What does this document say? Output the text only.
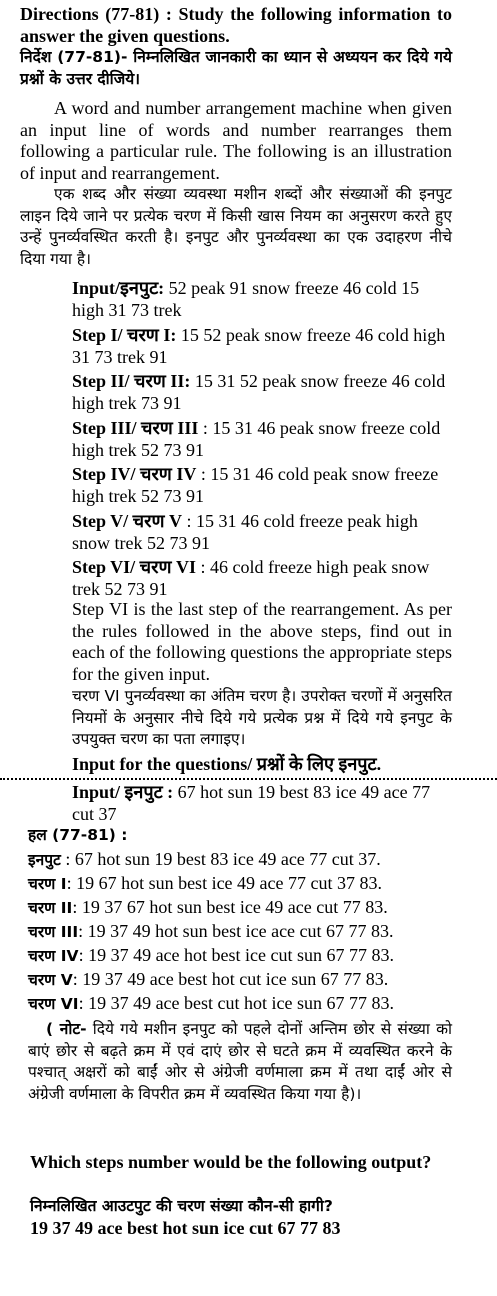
Directions (77-81) : Study the following information to answer the given questions.
निर्देश (77-81)- निम्नलिखित जानकारी का ध्यान से अध्ययन कर दिये गये प्रश्नों के उत्तर दीजिये।
A word and number arrangement machine when given an input line of words and number rearranges them following a particular rule. The following is an illustration of input and rearrangement.
एक शब्द और संख्या व्यवस्था मशीन शब्दों और संख्याओं की इनपुट लाइन दिये जाने पर प्रत्येक चरण में किसी खास नियम का अनुसरण करते हुए उन्हें पुनर्व्यवस्थित करती है। इनपुट और पुनर्व्यवस्था का एक उदाहरण नीचे दिया गया है।
Input/इनपुट: 52 peak 91 snow freeze 46 cold 15 high 31 73 trek
Step I/ चरण I: 15 52 peak snow freeze 46 cold high 31 73 trek 91
Step II/ चरण II: 15 31 52 peak snow freeze 46 cold high trek 73 91
Step III/ चरण III : 15 31 46 peak snow freeze cold high trek 52 73 91
Step IV/ चरण IV : 15 31 46 cold peak snow freeze high trek 52 73 91
Step V/ चरण V : 15 31 46 cold freeze peak high snow trek 52 73 91
Step VI/ चरण VI : 46 cold freeze high peak snow trek 52 73 91
Step VI is the last step of the rearrangement. As per the rules followed in the above steps, find out in each of the following questions the appropriate steps for the given input.
चरण VI पुनर्व्यवस्था का अंतिम चरण है। उपरोक्त चरणों में अनुसरित नियमों के अनुसार नीचे दिये गये प्रत्येक प्रश्न में दिये गये इनपुट के उपयुक्त चरण का पता लगाइए।
Input for the questions/ प्रश्नों के लिए इनपुट.
Input/ इनपुट : 67 hot sun 19 best 83 ice 49 ace 77 cut 37
हल (77-81) :
इनपुट : 67 hot sun 19 best 83 ice 49 ace 77 cut 37.
चरण I: 19 67 hot sun best ice 49 ace 77 cut 37 83.
चरण II: 19 37 67 hot sun best ice 49 ace cut 77 83.
चरण III: 19 37 49 hot sun best ice ace cut 67 77 83.
चरण IV: 19 37 49 ace hot best ice cut sun 67 77 83.
चरण V: 19 37 49 ace best hot cut ice sun 67 77 83.
चरण VI: 19 37 49 ace best cut hot ice sun 67 77 83.
( नोट- दिये गये मशीन इनपुट को पहले दोनों अन्तिम छोर से संख्या को बाएं छोर से बढ़ते क्रम में एवं दाएं छोर से घटते क्रम में व्यवस्थित करने के पश्चात् अक्षरों को बाईं ओर से अंग्रेजी वर्णमाला क्रम में तथा दाईं ओर से अंग्रेजी वर्णमाला के विपरीत क्रम में व्यवस्थित किया गया है)।
Which steps number would be the following output?
निम्नलिखित आउटपुट की चरण संख्या कौन-सी हागी?
19 37 49 ace best hot sun ice cut 67 77 83
